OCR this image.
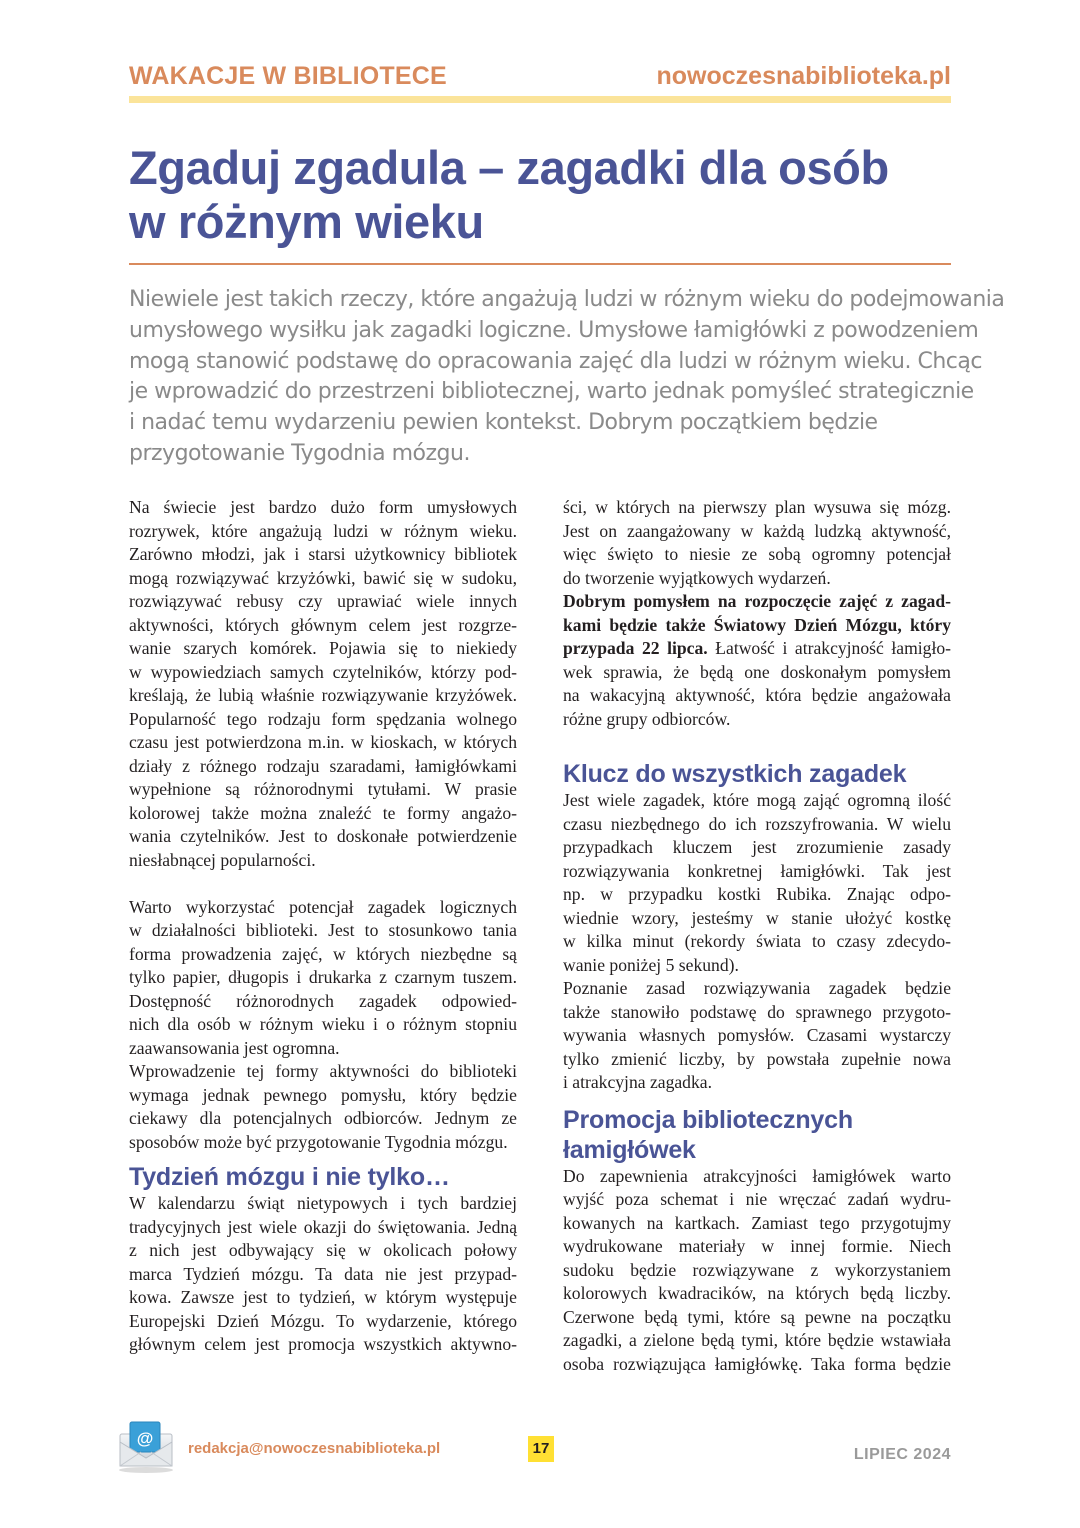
WAKACJE W BIBLIOTECE	nowoczesnabiblioteka.pl
Zgaduj zgadula – zagadki dla osób
w różnym wieku

Niewiele jest takich rzeczy, które angażują ludzi w różnym wieku do podejmowania
umysłowego wysiłku jak zagadki logiczne. Umysłowe łamigłówki z powodzeniem
mogą stanowić podstawę do opracowania zajęć dla ludzi w różnym wieku. Chcąc
je wprowadzić do przestrzeni bibliotecznej, warto jednak pomyśleć strategicznie
i nadać temu wydarzeniu pewien kontekst. Dobrym początkiem będzie
przygotowanie Tygodnia mózgu.

Na świecie jest bardzo dużo form umysłowych
rozrywek, które angażują ludzi w różnym wieku.
Zarówno młodzi, jak i starsi użytkownicy bibliotek
mogą rozwiązywać krzyżówki, bawić się w sudoku,
rozwiązywać rebusy czy uprawiać wiele innych
aktywności, których głównym celem jest rozgrze-
wanie szarych komórek. Pojawia się to niekiedy
w wypowiedziach samych czytelników, którzy pod-
kreślają, że lubią właśnie rozwiązywanie krzyżówek.
Popularność tego rodzaju form spędzania wolnego
czasu jest potwierdzona m.in. w kioskach, w których
działy z różnego rodzaju szaradami, łamigłówkami
wypełnione są różnorodnymi tytułami. W prasie
kolorowej także można znaleźć te formy angażo-
wania czytelników. Jest to doskonałe potwierdzenie
niesłabnącej popularności.
Warto wykorzystać potencjał zagadek logicznych
w działalności biblioteki. Jest to stosunkowo tania
forma prowadzenia zajęć, w których niezbędne są
tylko papier, długopis i drukarka z czarnym tuszem.
Dostępność różnorodnych zagadek odpowied-
nich dla osób w różnym wieku i o różnym stopniu
zaawansowania jest ogromna.
Wprowadzenie tej formy aktywności do biblioteki
wymaga jednak pewnego pomysłu, który będzie
ciekawy dla potencjalnych odbiorców. Jednym ze
sposobów może być przygotowanie Tygodnia mózgu.
Tydzień mózgu i nie tylko…
W kalendarzu świąt nietypowych i tych bardziej
tradycyjnych jest wiele okazji do świętowania. Jedną
z nich jest odbywający się w okolicach połowy
marca Tydzień mózgu. Ta data nie jest przypad-
kowa. Zawsze jest to tydzień, w którym występuje
Europejski Dzień Mózgu. To wydarzenie, którego
głównym celem jest promocja wszystkich aktywno-
ści, w których na pierwszy plan wysuwa się mózg.
Jest on zaangażowany w każdą ludzką aktywność,
więc święto to niesie ze sobą ogromny potencjał
do tworzenie wyjątkowych wydarzeń.
Dobrym pomysłem na rozpoczęcie zajęć z zagad-
kami będzie także Światowy Dzień Mózgu, który
przypada 22 lipca. Łatwość i atrakcyjność łamigło-
wek sprawia, że będą one doskonałym pomysłem
na wakacyjną aktywność, która będzie angażowała
różne grupy odbiorców.
Klucz do wszystkich zagadek
Jest wiele zagadek, które mogą zająć ogromną ilość
czasu niezbędnego do ich rozszyfrowania. W wielu
przypadkach kluczem jest zrozumienie zasady
rozwiązywania konkretnej łamigłówki. Tak jest
np. w przypadku kostki Rubika. Znając odpo-
wiednie wzory, jesteśmy w stanie ułożyć kostkę
w kilka minut (rekordy świata to czasy zdecydo-
wanie poniżej 5 sekund).
Poznanie zasad rozwiązywania zagadek będzie
także stanowiło podstawę do sprawnego przygoto-
wywania własnych pomysłów. Czasami wystarczy
tylko zmienić liczby, by powstała zupełnie nowa
i atrakcyjna zagadka.
Promocja bibliotecznych
łamigłówek
Do zapewnienia atrakcyjności łamigłówek warto
wyjść poza schemat i nie wręczać zadań wydru-
kowanych na kartkach. Zamiast tego przygotujmy
wydrukowane materiały w innej formie. Niech
sudoku będzie rozwiązywane z wykorzystaniem
kolorowych kwadracików, na których będą liczby.
Czerwone będą tymi, które są pewne na początku
zagadki, a zielone będą tymi, które będzie wstawiała
osoba rozwiązująca łamigłówkę. Taka forma będzie
@
redakcja@nowoczesnabiblioteka.pl	17	LIPIEC 2024
